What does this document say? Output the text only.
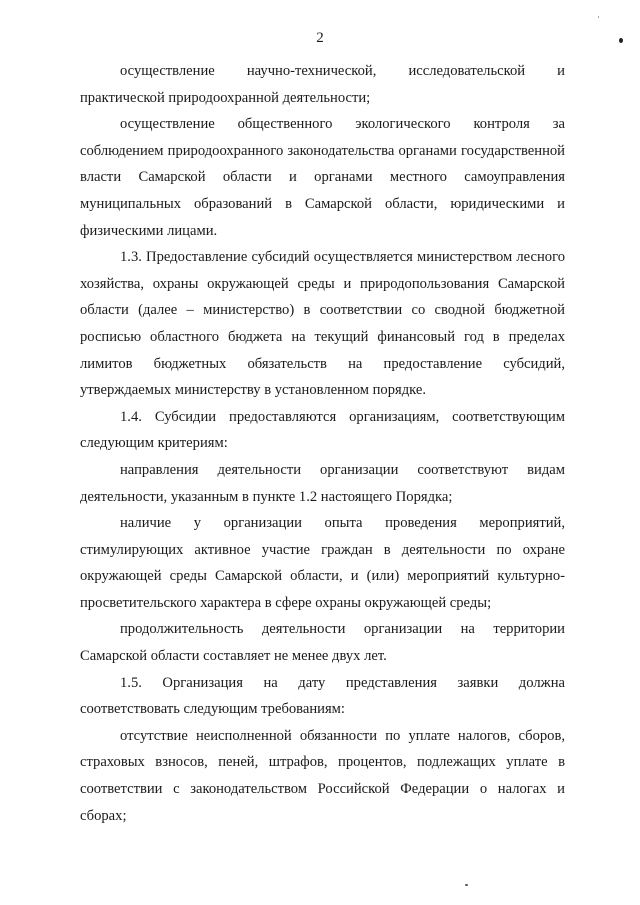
2

осуществление научно-технической, исследовательской и практической природоохранной деятельности;

осуществление общественного экологического контроля за соблюдением природоохранного законодательства органами государственной власти Самарской области и органами местного самоуправления муниципальных образований в Самарской области, юридическими и физическими лицами.

1.3. Предоставление субсидий осуществляется министерством лесного хозяйства, охраны окружающей среды и природопользования Самарской области (далее – министерство) в соответствии со сводной бюджетной росписью областного бюджета на текущий финансовый год в пределах лимитов бюджетных обязательств на предоставление субсидий, утверждаемых министерству в установленном порядке.

1.4. Субсидии предоставляются организациям, соответствующим следующим критериям:

направления деятельности организации соответствуют видам деятельности, указанным в пункте 1.2 настоящего Порядка;

наличие у организации опыта проведения мероприятий, стимулирующих активное участие граждан в деятельности по охране окружающей среды Самарской области, и (или) мероприятий культурно-просветительского характера в сфере охраны окружающей среды;

продолжительность деятельности организации на территории Самарской области составляет не менее двух лет.

1.5. Организация на дату представления заявки должна соответствовать следующим требованиям:

отсутствие неисполненной обязанности по уплате налогов, сборов, страховых взносов, пеней, штрафов, процентов, подлежащих уплате в соответствии с законодательством Российской Федерации о налогах и сборах;
